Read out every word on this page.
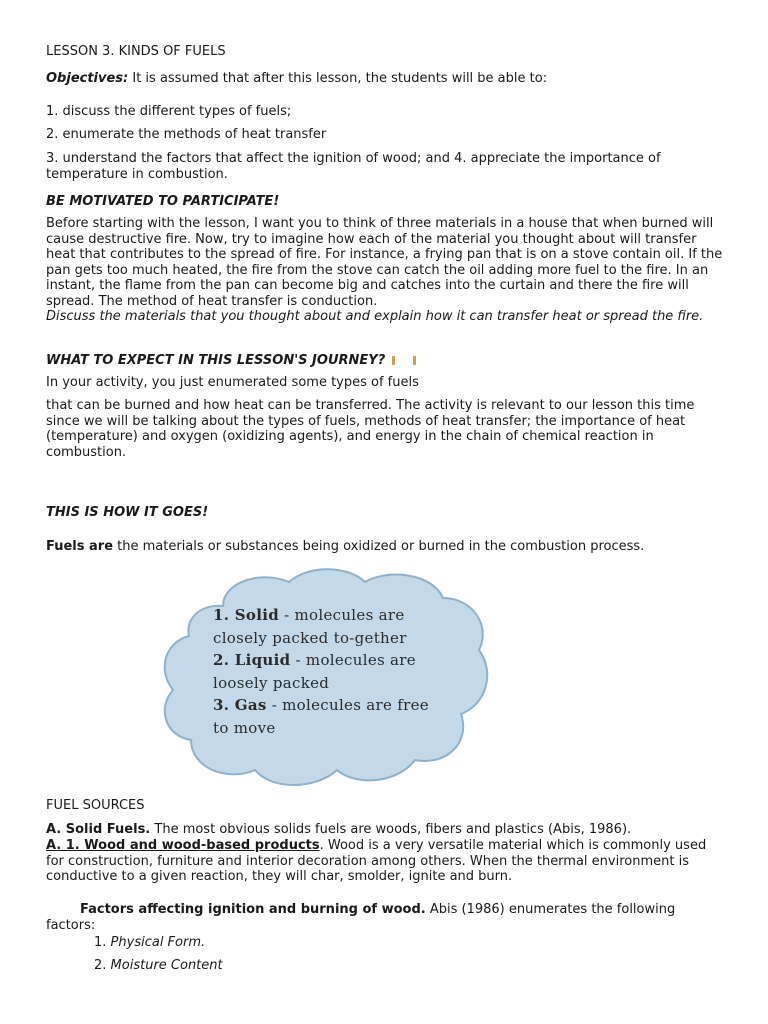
LESSON 3. KINDS OF FUELS

Objectives: It is assumed that after this lesson, the students will be able to:

1. discuss the different types of fuels;

2. enumerate the methods of heat transfer

3. understand the factors that affect the ignition of wood; and 4. appreciate the importance of temperature in combustion.

BE MOTIVATED TO PARTICIPATE!

Before starting with the lesson, I want you to think of three materials in a house that when burned will cause destructive fire. Now, try to imagine how each of the material you thought about will transfer heat that contributes to the spread of fire. For instance, a frying pan that is on a stove contain oil. If the pan gets too much heated, the fire from the stove can catch the oil adding more fuel to the fire. In an instant, the flame from the pan can become big and catches into the curtain and there the fire will spread. The method of heat transfer is conduction.

Discuss the materials that you thought about and explain how it can transfer heat or spread the fire.

WHAT TO EXPECT IN THIS LESSON'S JOURNEY?

In your activity, you just enumerated some types of fuels

that can be burned and how heat can be transferred. The activity is relevant to our lesson this time since we will be talking about the types of fuels, methods of heat transfer; the importance of heat (temperature) and oxygen (oxidizing agents), and energy in the chain of chemical reaction in combustion.

THIS IS HOW IT GOES!

Fuels are the materials or substances being oxidized or burned in the combustion process.

1. Solid - molecules are closely packed to-gether
2. Liquid - molecules are loosely packed
3. Gas - molecules are free to move

FUEL SOURCES

A. Solid Fuels. The most obvious solids fuels are woods, fibers and plastics (Abis, 1986).

A. 1. Wood and wood-based products. Wood is a very versatile material which is commonly used for construction, furniture and interior decoration among others. When the thermal environment is conductive to a given reaction, they will char, smolder, ignite and burn.

Factors affecting ignition and burning of wood. Abis (1986) enumerates the following factors:

1. Physical Form.

2. Moisture Content
